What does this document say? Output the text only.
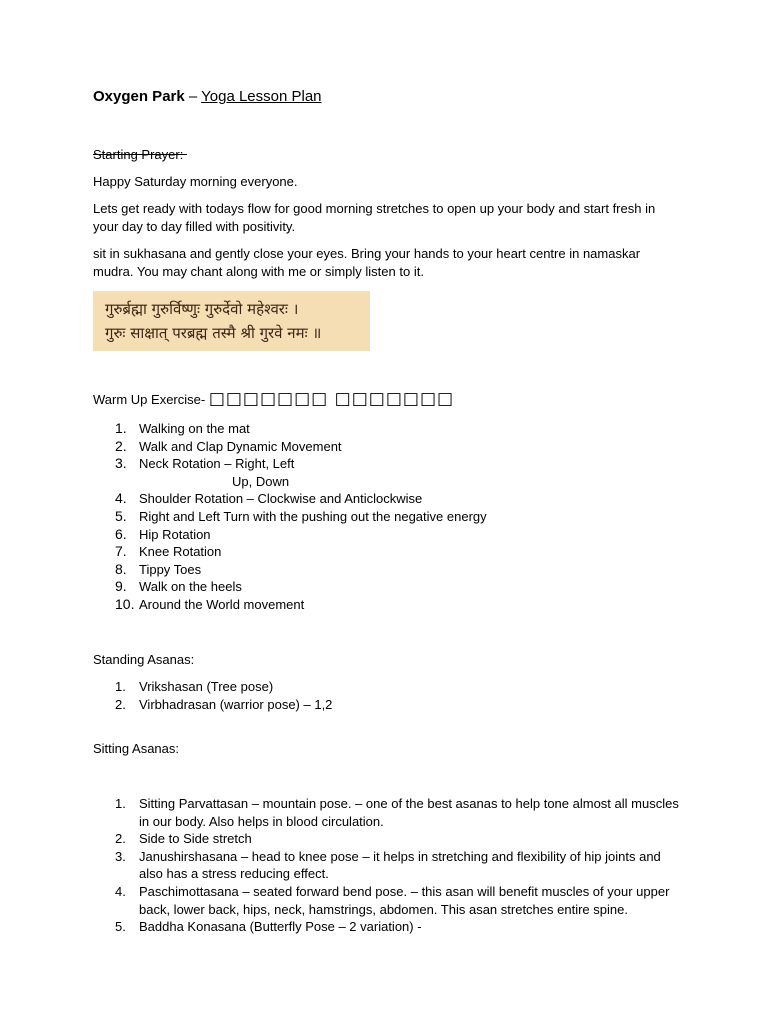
Oxygen Park – Yoga Lesson Plan
Starting Prayer:
Happy Saturday morning everyone.
Lets get ready with todays flow for good morning stretches to open up your body and start fresh in your day to day filled with positivity.
sit in sukhasana and gently close your eyes. Bring your hands to your heart centre in namaskar mudra. You may chant along with me or simply listen to it.
गुरुर्ब्रह्मा गुरुर्विष्णुः गुरुर्देवो महेश्वरः ।
गुरुः साक्षात् परब्रह्म तस्मै श्री गुरवे नमः ॥
Warm Up Exercise- □□□□□□□ □□□□□□□
1. Walking on the mat
2. Walk and Clap Dynamic Movement
3. Neck Rotation – Right, Left
Up, Down
4. Shoulder Rotation – Clockwise and Anticlockwise
5. Right and Left Turn with the pushing out the negative energy
6. Hip Rotation
7. Knee Rotation
8. Tippy Toes
9. Walk on the heels
10. Around the World movement
Standing Asanas:
1. Vrikshasan (Tree pose)
2. Virbhadrasan (warrior pose) – 1,2
Sitting Asanas:
1. Sitting Parvattasan – mountain pose. – one of the best asanas to help tone almost all muscles in our body. Also helps in blood circulation.
2. Side to Side stretch
3. Janushirshasana – head to knee pose – it helps in stretching and flexibility of hip joints and also has a stress reducing effect.
4. Paschimottasana – seated forward bend pose. – this asan will benefit muscles of your upper back, lower back, hips, neck, hamstrings, abdomen. This asan stretches entire spine.
5. Baddha Konasana (Butterfly Pose – 2 variation) -
